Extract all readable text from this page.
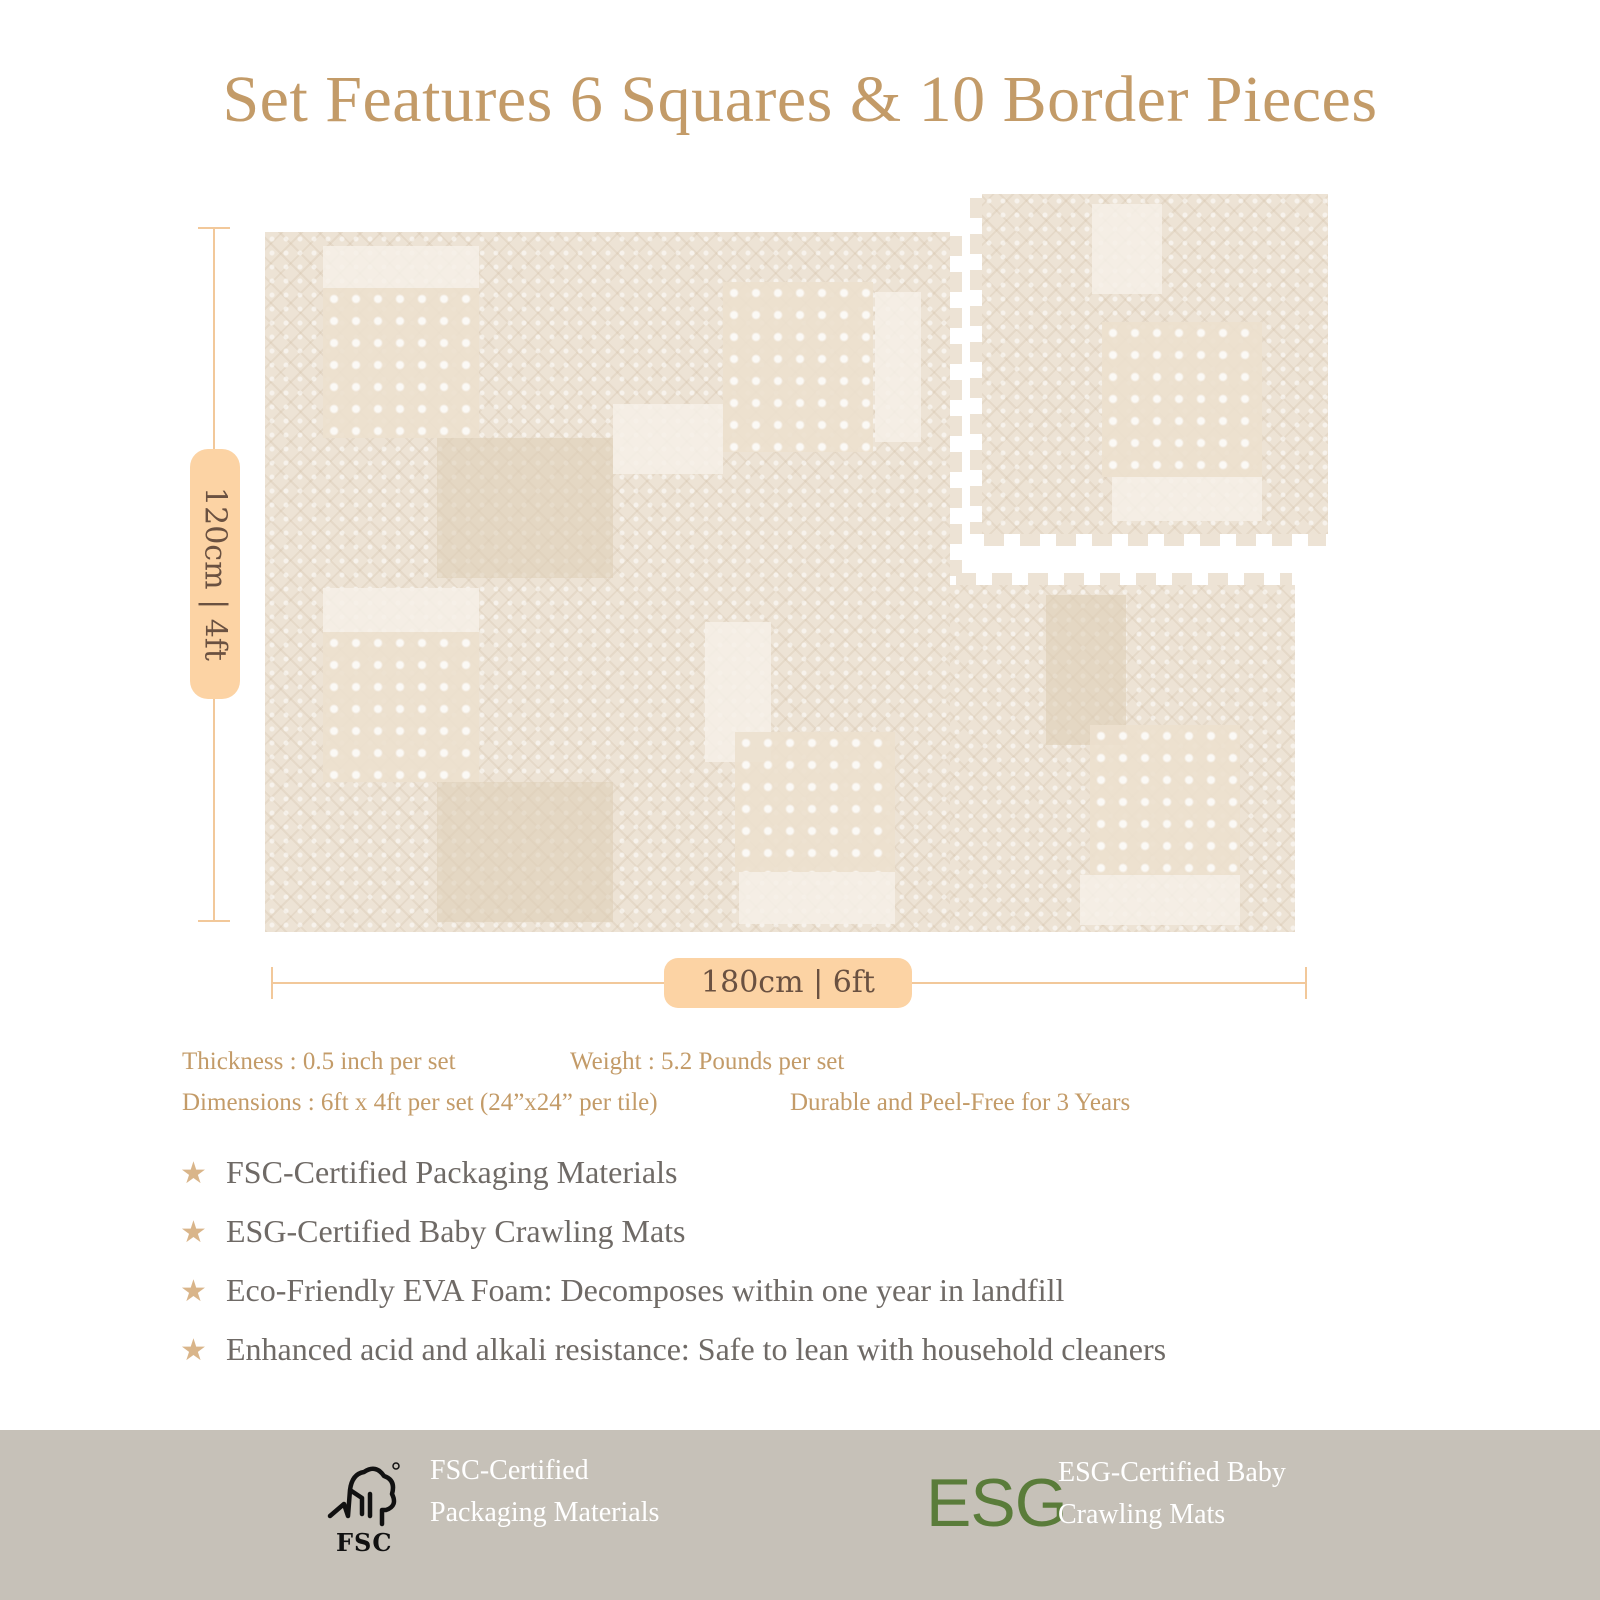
Set Features 6 Squares & 10 Border Pieces
120cm | 4ft
180cm | 6ft
Thickness : 0.5 inch per set	Weight : 5.2 Pounds per set
Dimensions : 6ft x 4ft per set (24”x24” per tile)	Durable and Peel-Free for 3 Years
★ FSC-Certified Packaging Materials
★ ESG-Certified Baby Crawling Mats
★ Eco-Friendly EVA Foam: Decomposes within one year in landfill
★ Enhanced acid and alkali resistance: Safe to lean with household cleaners
FSC
FSC-Certified
Packaging Materials	ESG
ESG-Certified Baby
Crawling Mats
